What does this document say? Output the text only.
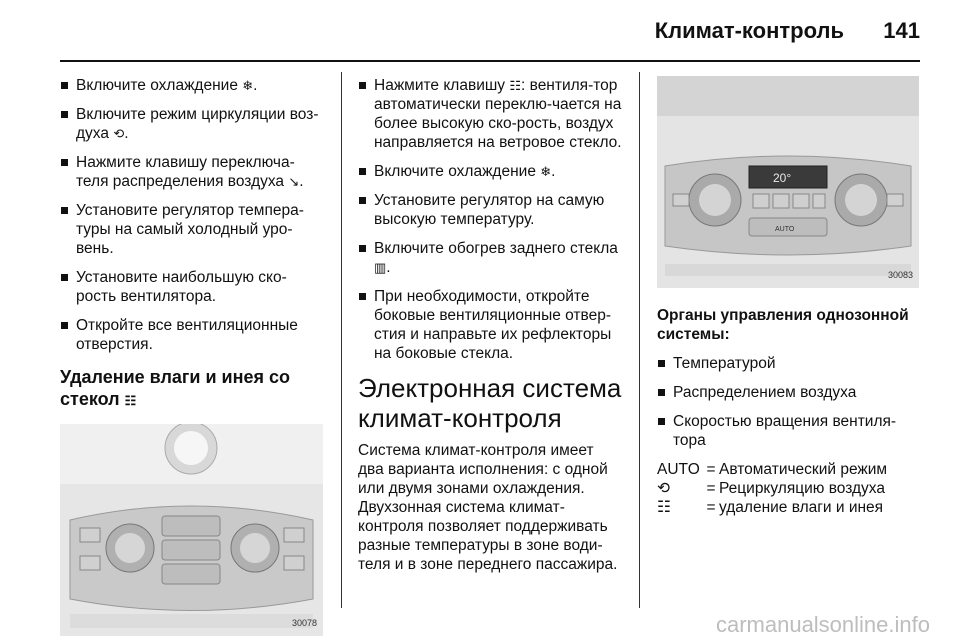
Климат-контроль 141
Включите охлаждение ❄.
Включите режим циркуляции воз-духа ⟲.
Нажмите клавишу переключа-теля распределения воздуха ↘.
Установите регулятор темпера-туры на самый холодный уро-вень.
Установите наибольшую ско-рость вентилятора.
Откройте все вентиляционные отверстия.
Удаление влаги и инея со стекол ☷
30078
Нажмите клавишу ☷: вентиля-тор автоматически переклю-чается на более высокую ско-рость, воздух направляется на ветровое стекло.
Включите охлаждение ❄.
Установите регулятор на самую высокую температуру.
Включите обогрев заднего стекла ▥.
При необходимости, откройте боковые вентиляционные отвер-стия и направьте их рефлекторы на боковые стекла.
Электронная система климат-контроля

Система климат-контроля имеет два варианта исполнения: с одной или двумя зонами охлаждения. Двухзонная система климат-контроля позволяет поддерживать разные температуры в зоне води-теля и в зоне переднего пассажира.

20°
AUTO
30083
Органы управления однозонной системы:
Температурой
Распределением воздуха
Скоростью вращения вентиля-тора
AUTO	=	Автоматический режим
⟲	=	Рециркуляцию воздуха
☷	=	удаление влаги и инея
carmanualsonline.info
